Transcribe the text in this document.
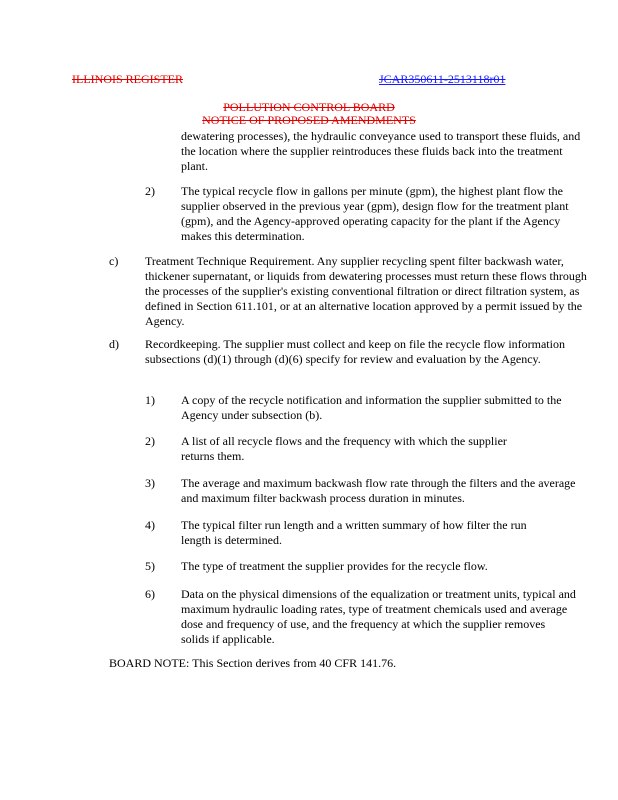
ILLINOIS REGISTER	JCAR350611-2513118r01
POLLUTION CONTROL BOARD
NOTICE OF PROPOSED AMENDMENTS

dewatering processes), the hydraulic conveyance used to transport these fluids, and the location where the supplier reintroduces these fluids back into the treatment plant.

2) The typical recycle flow in gallons per minute (gpm), the highest plant flow the supplier observed in the previous year (gpm), design flow for the treatment plant (gpm), and the Agency-approved operating capacity for the plant if the Agency makes this determination.

c) Treatment Technique Requirement. Any supplier recycling spent filter backwash water, thickener supernatant, or liquids from dewatering processes must return these flows through the processes of the supplier's existing conventional filtration or direct filtration system, as defined in Section 611.101, or at an alternative location approved by a permit issued by the Agency.

d) Recordkeeping. The supplier must collect and keep on file the recycle flow information subsections (d)(1) through (d)(6) specify for review and evaluation by the Agency.

1) A copy of the recycle notification and information the supplier submitted to the Agency under subsection (b).

2) A list of all recycle flows and the frequency with which the supplier returns them.

3) The average and maximum backwash flow rate through the filters and the average and maximum filter backwash process duration in minutes.

4) The typical filter run length and a written summary of how filter the run length is determined.

5) The type of treatment the supplier provides for the recycle flow.

6) Data on the physical dimensions of the equalization or treatment units, typical and maximum hydraulic loading rates, type of treatment chemicals used and average dose and frequency of use, and the frequency at which the supplier removes solids if applicable.

BOARD NOTE: This Section derives from 40 CFR 141.76.
